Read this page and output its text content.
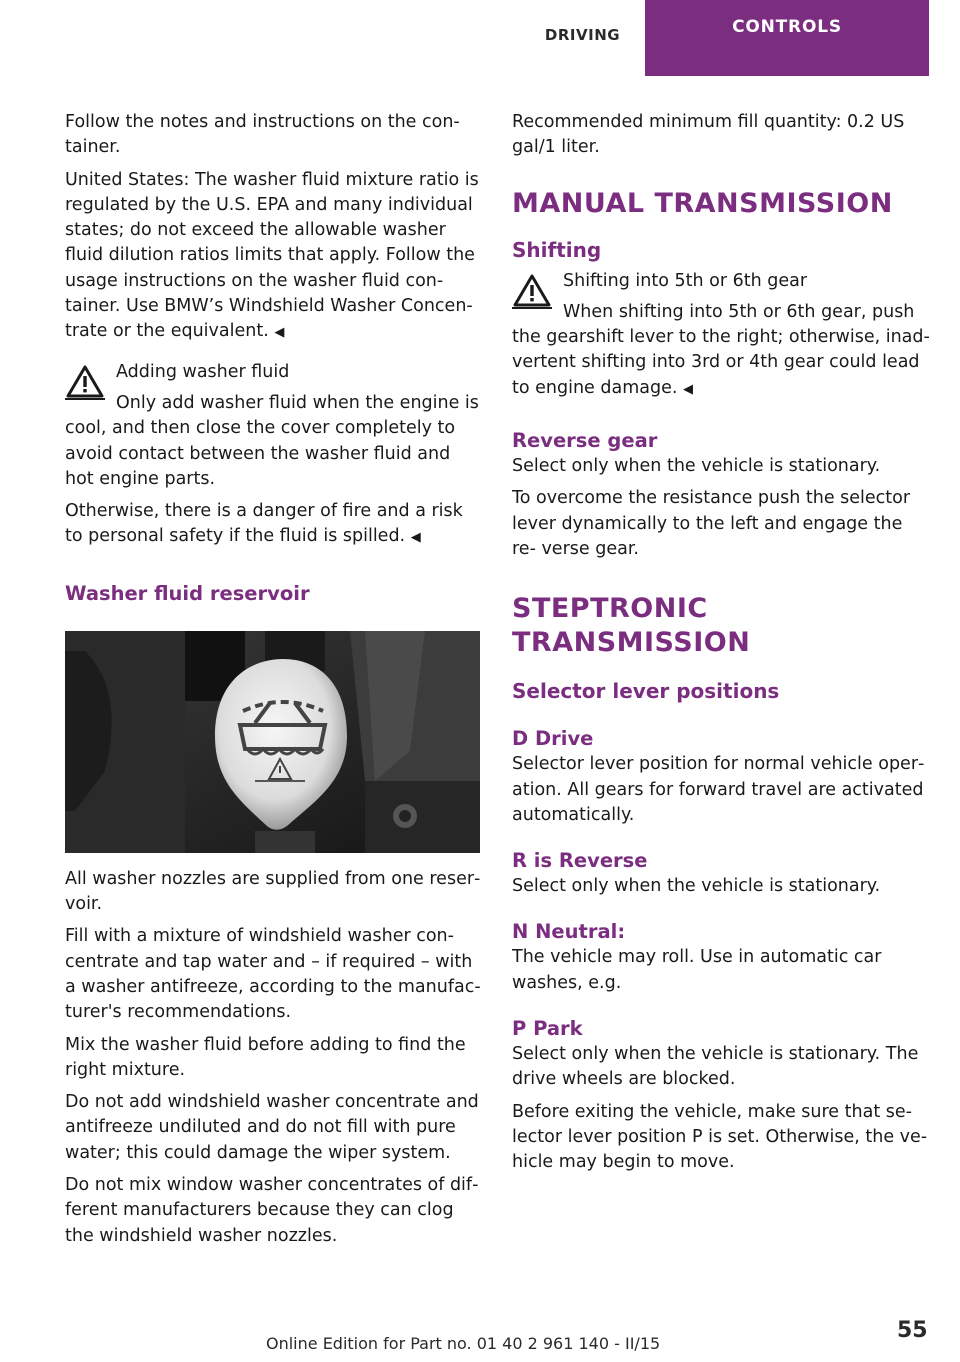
DRIVING	CONTROLS

Follow the notes and instructions on the con‐ tainer.

United States: The washer fluid mixture ratio is regulated by the U.S. EPA and many individual states; do not exceed the allowable washer fluid dilution ratios limits that apply. Follow the usage instructions on the washer fluid con‐ tainer. Use BMW’s Windshield Washer Concen‐ trate or the equivalent. ◀

Adding washer fluid

Only add washer fluid when the engine is

cool, and then close the cover completely to avoid contact between the washer fluid and hot engine parts.

Otherwise, there is a danger of fire and a risk to personal safety if the fluid is spilled. ◀

Washer fluid reservoir

All washer nozzles are supplied from one reser‐ voir.

Fill with a mixture of windshield washer con‐ centrate and tap water and – if required – with a washer antifreeze, according to the manufac‐ turer's recommendations.

Mix the washer fluid before adding to find the right mixture.

Do not add windshield washer concentrate and antifreeze undiluted and do not fill with pure water; this could damage the wiper system.

Do not mix window washer concentrates of dif‐ ferent manufacturers because they can clog the windshield washer nozzles.

Recommended minimum fill quantity: 0.2 US gal/1 liter.

MANUAL TRANSMISSION
Shifting

Shifting into 5th or 6th gear

When shifting into 5th or 6th gear, push

the gearshift lever to the right; otherwise, inad‐ vertent shifting into 3rd or 4th gear could lead to engine damage. ◀

Reverse gear

Select only when the vehicle is stationary.

To overcome the resistance push the selector lever dynamically to the left and engage the re‐ verse gear.

STEPTRONIC TRANSMISSION
Selector lever positions
D Drive

Selector lever position for normal vehicle oper‐ ation. All gears for forward travel are activated automatically.

R is Reverse

Select only when the vehicle is stationary.

N Neutral:

The vehicle may roll. Use in automatic car washes, e.g.

P Park

Select only when the vehicle is stationary. The drive wheels are blocked.

Before exiting the vehicle, make sure that se‐ lector lever position P is set. Otherwise, the ve‐ hicle may begin to move.

Online Edition for Part no. 01 40 2 961 140 - II/15
55
